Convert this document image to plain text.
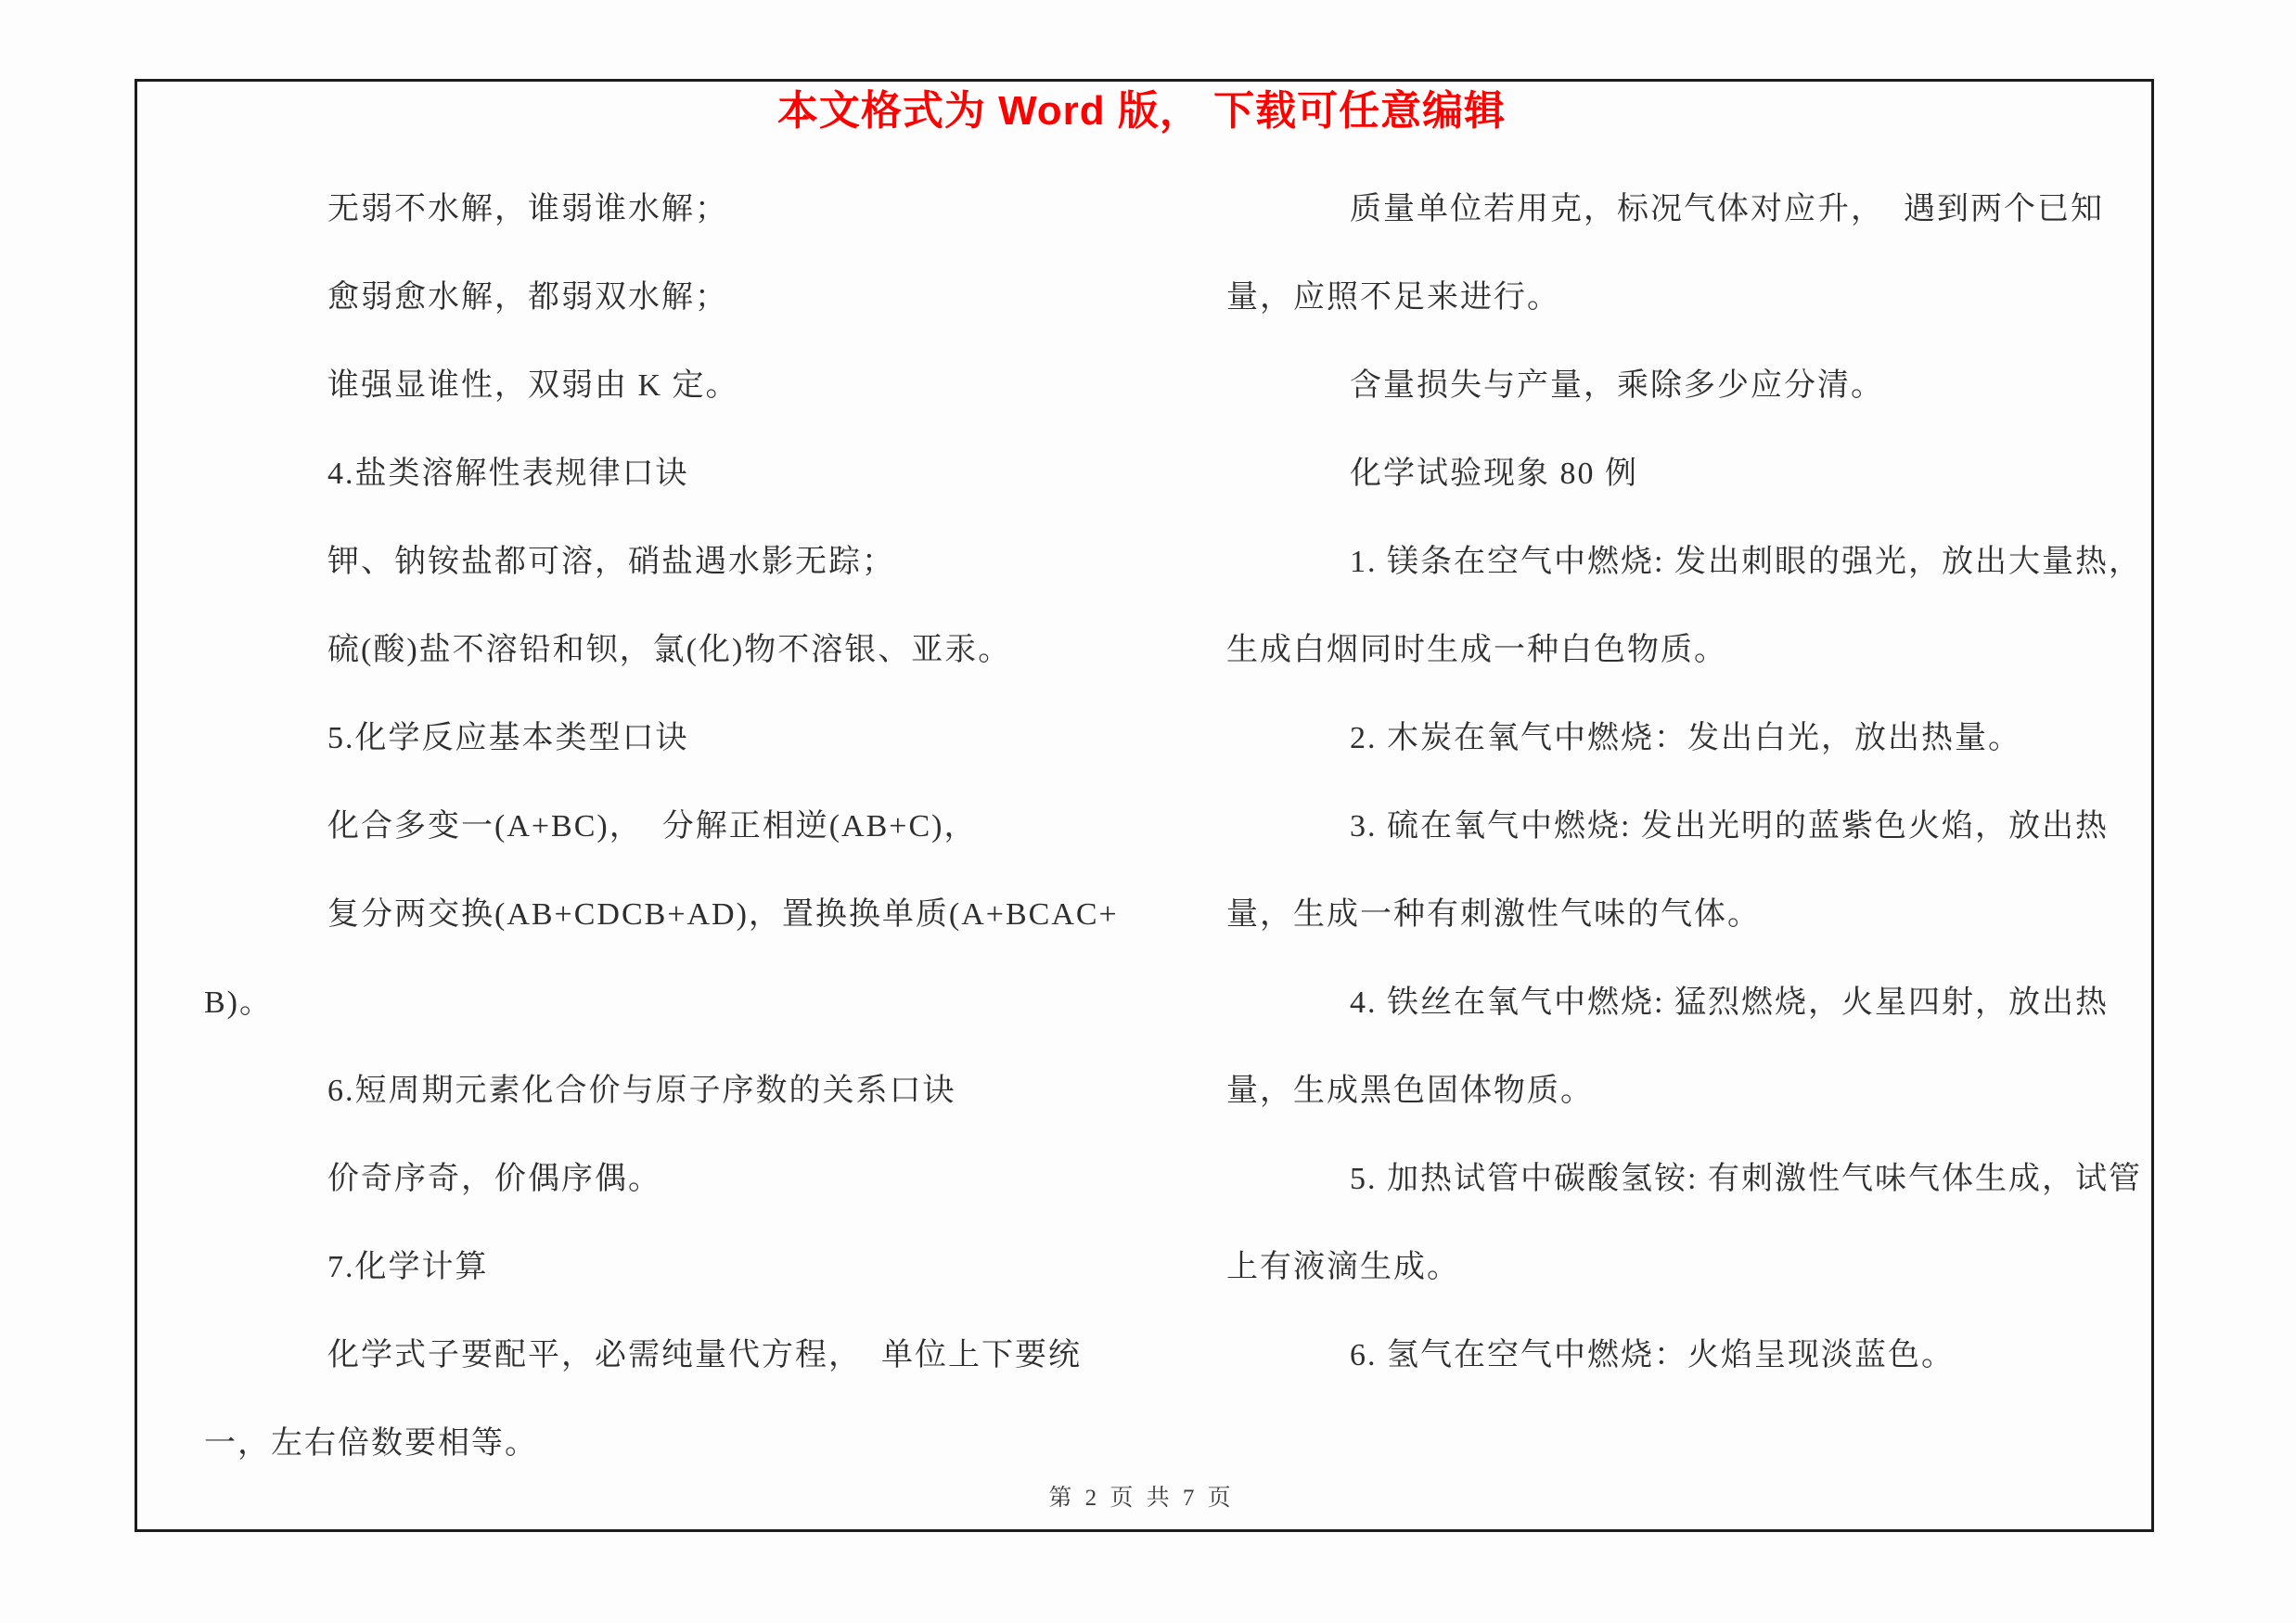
本文格式为 Word 版， 下载可任意编辑

无弱不水解，谁弱谁水解；

愈弱愈水解，都弱双水解；

谁强显谁性，双弱由 K 定。

4.盐类溶解性表规律口诀

钾、钠铵盐都可溶，硝盐遇水影无踪；

硫(酸)盐不溶铅和钡，氯(化)物不溶银、亚汞。

5.化学反应基本类型口诀

化合多变一(A+BC)，  分解正相逆(AB+C)，

复分两交换(AB+CDCB+AD)，置换换单质(A+BCAC+B)。

6.短周期元素化合价与原子序数的关系口诀

价奇序奇，价偶序偶。

7.化学计算

化学式子要配平，必需纯量代方程，  单位上下要统一，左右倍数要相等。

质量单位若用克，标况气体对应升，  遇到两个已知量，应照不足来进行。

含量损失与产量，乘除多少应分清。

化学试验现象 80 例

1. 镁条在空气中燃烧: 发出刺眼的强光，放出大量热，生成白烟同时生成一种白色物质。

2. 木炭在氧气中燃烧：发出白光，放出热量。

3. 硫在氧气中燃烧: 发出光明的蓝紫色火焰，放出热量，生成一种有刺激性气味的气体。

4. 铁丝在氧气中燃烧: 猛烈燃烧，火星四射，放出热量，生成黑色固体物质。

5. 加热试管中碳酸氢铵: 有刺激性气味气体生成，试管上有液滴生成。

6. 氢气在空气中燃烧：火焰呈现淡蓝色。

第 2 页 共 7 页
